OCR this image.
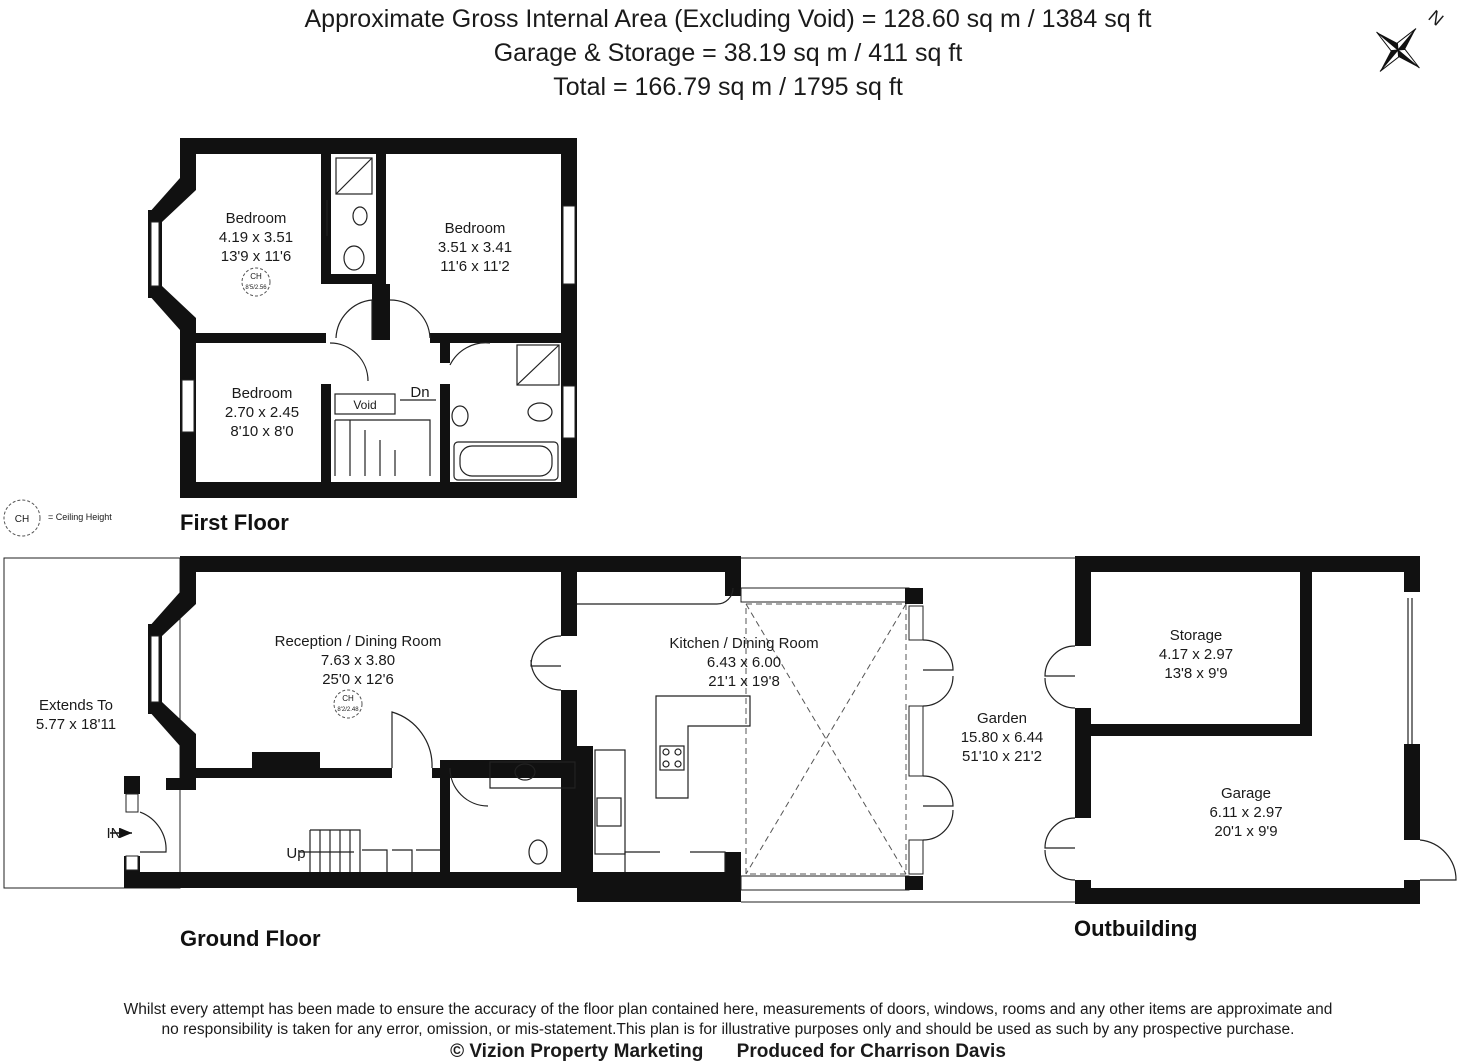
Approximate Gross Internal Area (Excluding Void) = 128.60 sq m / 1384 sq ft
Garage & Storage = 38.19 sq m / 411 sq ft
Total = 166.79 sq m / 1795 sq ft
N
Void
Dn
Bedroom
4.19 x 3.51
13'9 x 11'6
CH
8'5/2.56
Bedroom
3.51 x 3.41
11'6 x 11'2
Bedroom
2.70 x 2.45
8'10 x 8'0
CH = Ceiling Height	First Floor
Extends To
5.77 x 18'11
Reception / Dining Room
7.63 x 3.80
25'0 x 12'6
CH
8'2/2.48
Kitchen / Dining Room
6.43 x 6.00
21'1 x 19'8
IN
Up
Garden
15.80 x 6.44
51'10 x 21'2
Ground Floor
Storage
4.17 x 2.97
13'8 x 9'9
Garage
6.11 x 2.97
20'1 x 9'9
Outbuilding
Whilst every attempt has been made to ensure the accuracy of the floor plan contained here, measurements of doors, windows, rooms and any other items are approximate and
no responsibility is taken for any error, omission, or mis-statement.This plan is for illustrative purposes only and should be used as such by any prospective purchase.
© Vizion Property Marketing Produced for Charrison Davis
